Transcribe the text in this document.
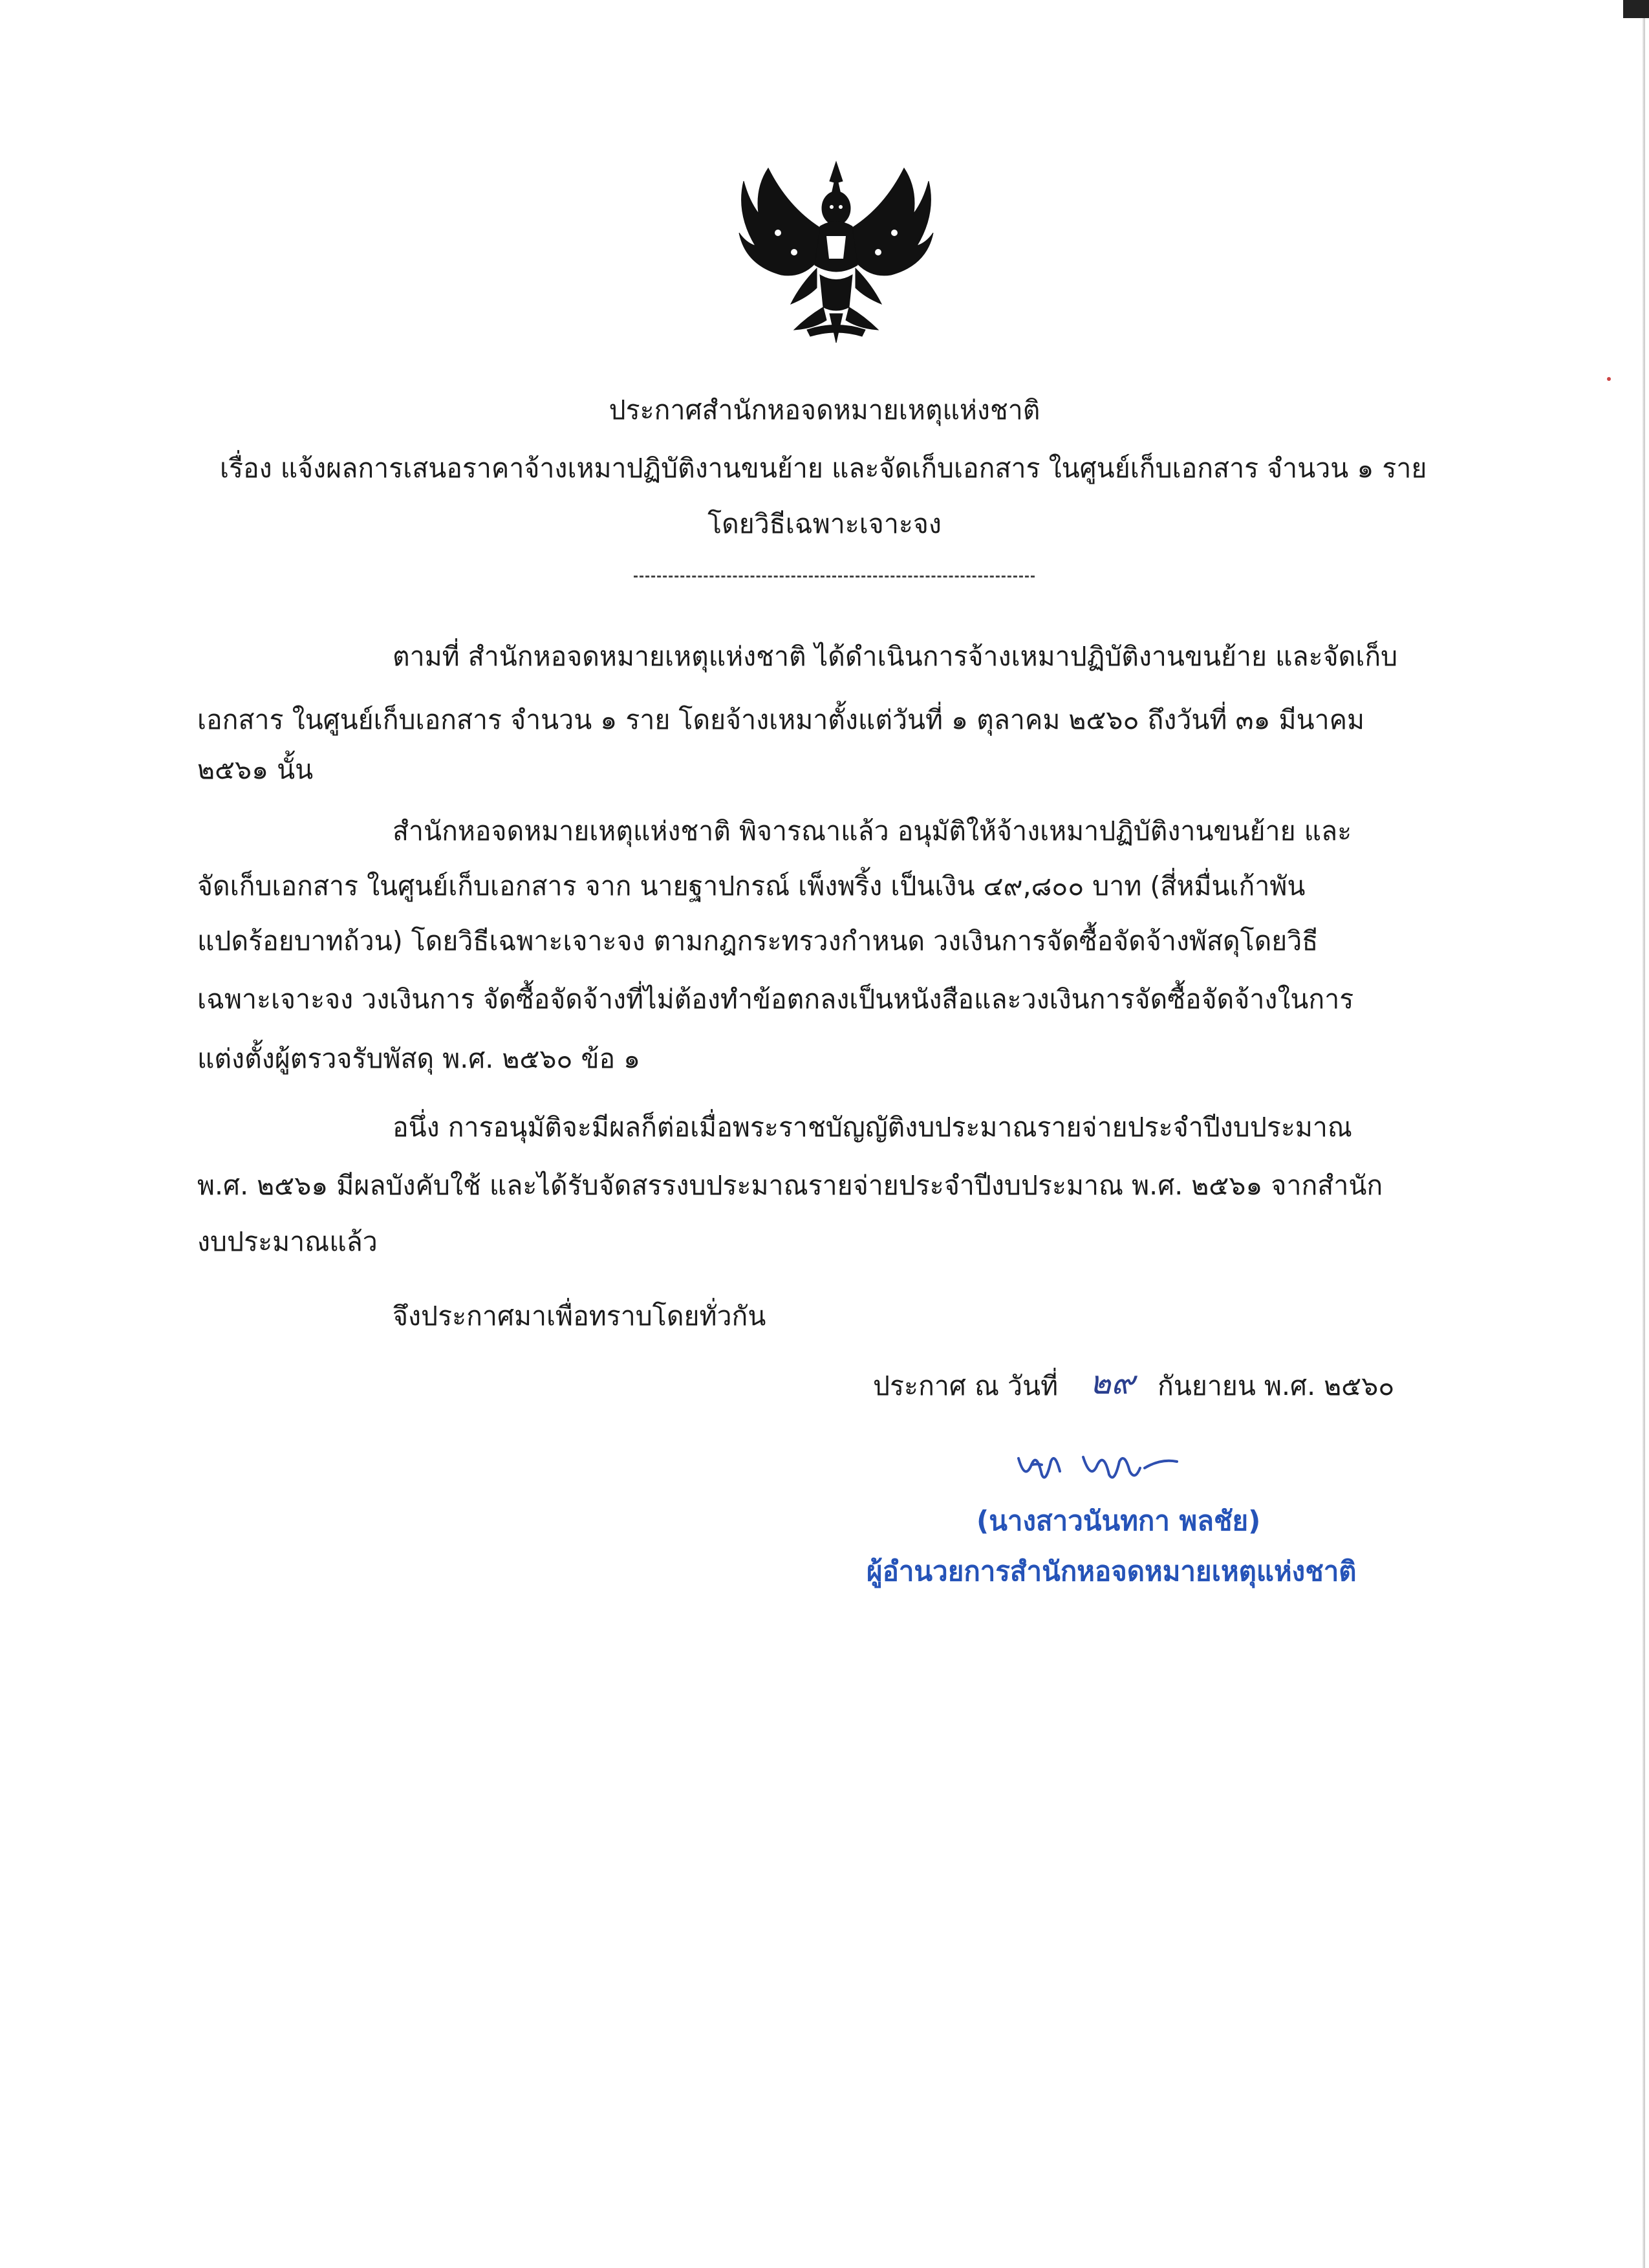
ประกาศสำนักหอจดหมายเหตุแห่งชาติ
เรื่อง แจ้งผลการเสนอราคาจ้างเหมาปฏิบัติงานขนย้าย และจัดเก็บเอกสาร ในศูนย์เก็บเอกสาร จำนวน ๑ ราย
โดยวิธีเฉพาะเจาะจง
ตามที่ สำนักหอจดหมายเหตุแห่งชาติ ได้ดำเนินการจ้างเหมาปฏิบัติงานขนย้าย และจัดเก็บ
เอกสาร ในศูนย์เก็บเอกสาร จำนวน ๑ ราย โดยจ้างเหมาตั้งแต่วันที่ ๑ ตุลาคม ๒๕๖๐ ถึงวันที่ ๓๑ มีนาคม
๒๕๖๑ นั้น
สำนักหอจดหมายเหตุแห่งชาติ พิจารณาแล้ว อนุมัติให้จ้างเหมาปฏิบัติงานขนย้าย และ
จัดเก็บเอกสาร ในศูนย์เก็บเอกสาร จาก นายฐาปกรณ์ เพ็งพริ้ง เป็นเงิน ๔๙,๘๐๐ บาท (สี่หมื่นเก้าพัน
แปดร้อยบาทถ้วน) โดยวิธีเฉพาะเจาะจง ตามกฎกระทรวงกำหนด วงเงินการจัดซื้อจัดจ้างพัสดุโดยวิธี
เฉพาะเจาะจง วงเงินการ จัดซื้อจัดจ้างที่ไม่ต้องทำข้อตกลงเป็นหนังสือและวงเงินการจัดซื้อจัดจ้างในการ
แต่งตั้งผู้ตรวจรับพัสดุ พ.ศ. ๒๕๖๐ ข้อ ๑
อนึ่ง การอนุมัติจะมีผลก็ต่อเมื่อพระราชบัญญัติงบประมาณรายจ่ายประจำปีงบประมาณ
พ.ศ. ๒๕๖๑ มีผลบังคับใช้ และได้รับจัดสรรงบประมาณรายจ่ายประจำปีงบประมาณ พ.ศ. ๒๕๖๑ จากสำนัก
งบประมาณแล้ว
จึงประกาศมาเพื่อทราบโดยทั่วกัน
ประกาศ ณ วันที่ ๒๙ กันยายน พ.ศ. ๒๕๖๐
(นางสาวนันทกา พลชัย)
ผู้อำนวยการสำนักหอจดหมายเหตุแห่งชาติ
